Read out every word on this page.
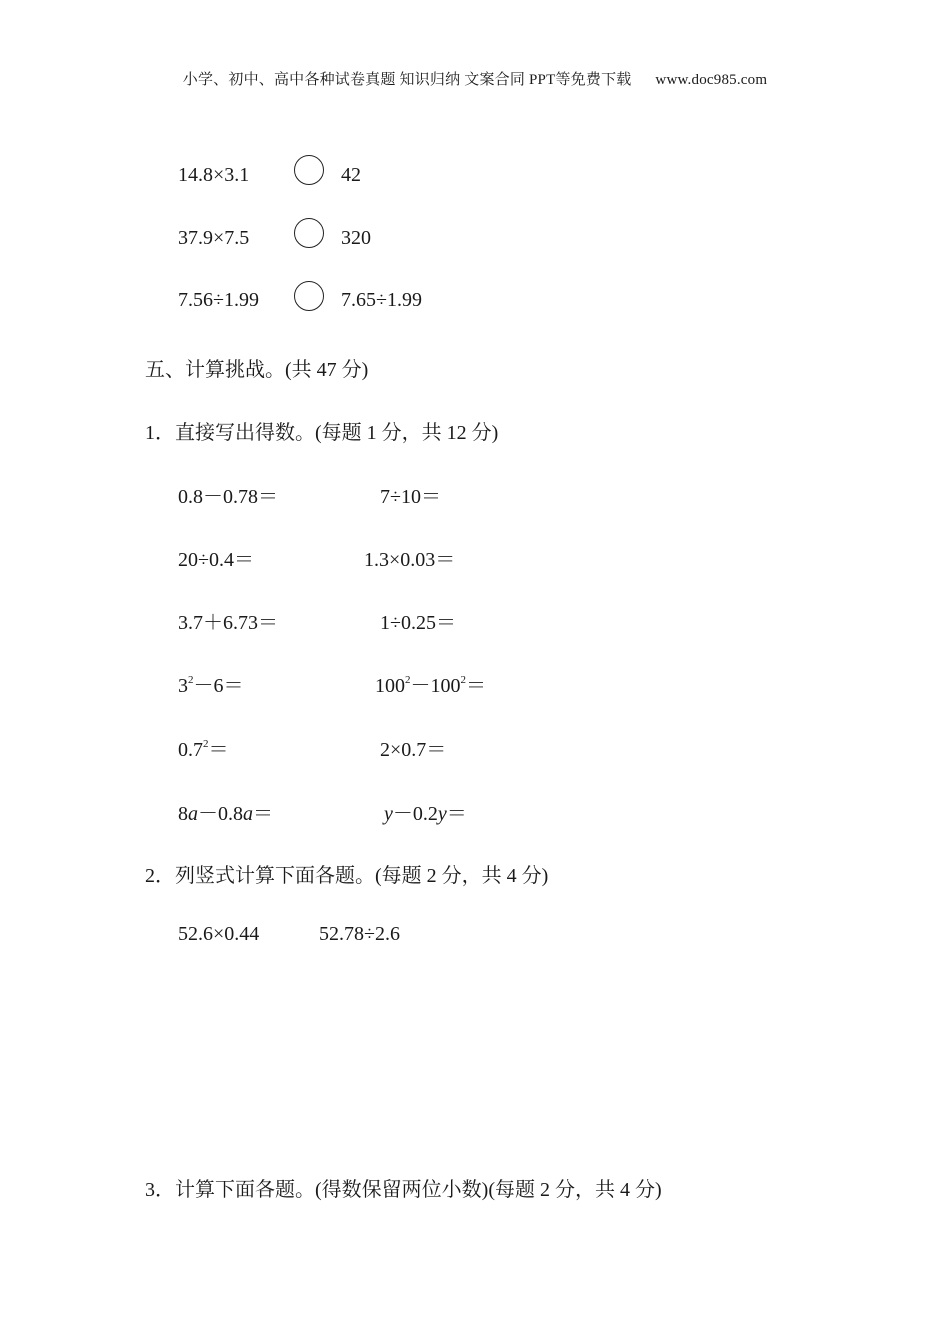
小学、初中、高中各种试卷真题 知识归纳 文案合同 PPT等免费下载 www.doc985.com
14.8×3.1	42
37.9×7.5	320
7.56÷1.99	7.65÷1.99
五、计算挑战。(共 47 分)
1．直接写出得数。(每题 1 分，共 12 分)
0.8－0.78＝	7÷10＝
20÷0.4＝	1.3×0.03＝
3.7＋6.73＝	1÷0.25＝
$3^2-6=$	$100^2-100^2=$
$0.7^2=$	2×0.7＝
8a－0.8a＝	y－0.2y＝
2．列竖式计算下面各题。(每题 2 分，共 4 分)
52.6×0.44	52.78÷2.6
3．计算下面各题。(得数保留两位小数)(每题 2 分，共 4 分)
